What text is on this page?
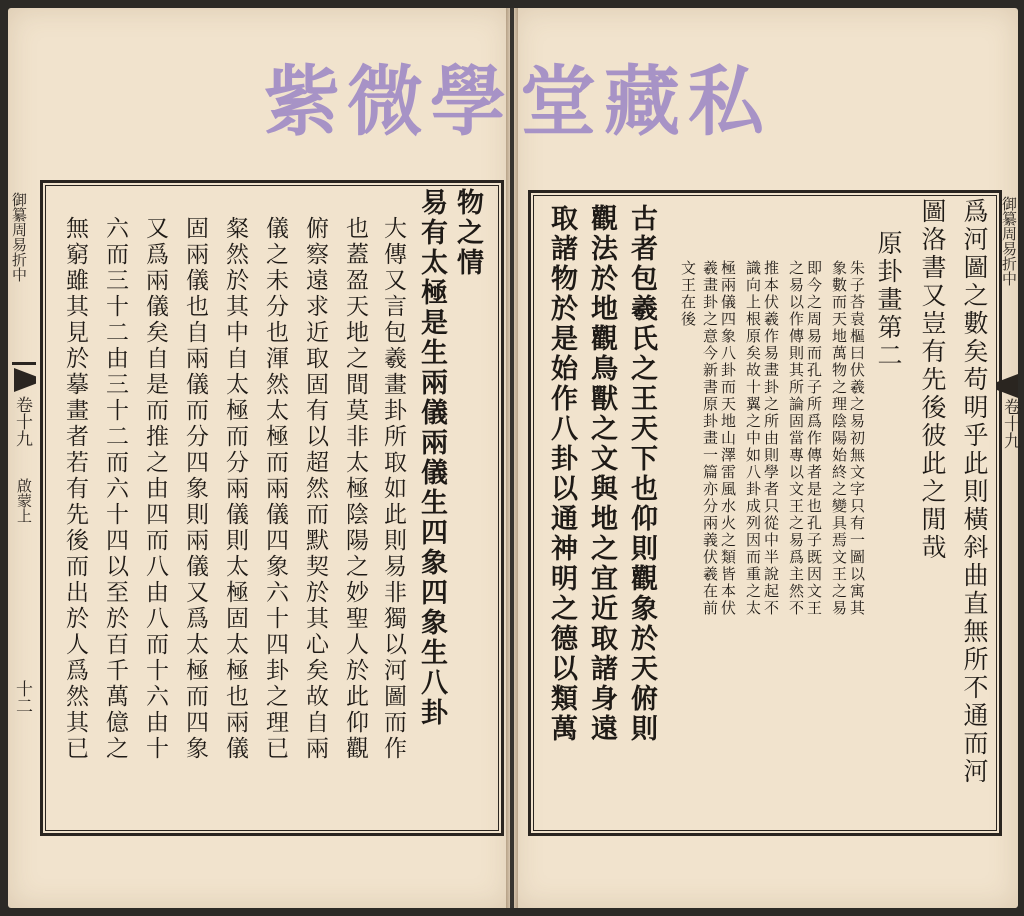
紫 微 學 堂 藏 私
御纂周易折中
卷十九
啟蒙上
十二
物之情
易有太極是生兩儀兩儀生四象四象生八卦
大傳又言包羲畫卦所取如此則易非獨以河圖而作
也蓋盈天地之間莫非太極陰陽之妙聖人於此仰觀
俯察遠求近取固有以超然而默契於其心矣故自兩
儀之未分也渾然太極而兩儀四象六十四卦之理已
粲然於其中自太極而分兩儀則太極固太極也兩儀
固兩儀也自兩儀而分四象則兩儀又爲太極而四象
又爲兩儀矣自是而推之由四而八由八而十六由十
六而三十二由三十二而六十四以至於百千萬億之
無窮雖其見於摹畫者若有先後而出於人爲然其已	御纂周易折中
卷十九
爲河圖之數矣苟明乎此則橫斜曲直無所不通而河
圖洛書又豈有先後彼此之閒哉
原卦畫第二
朱子荅袁樞曰伏羲之易初無文字只有一圖以寓其
象數而天地萬物之理陰陽始終之變具焉文王之易
即今之周易而孔子所爲作傳者是也孔子既因文王
之易以作傳則其所論固當專以文王之易爲主然不
推本伏羲作易畫卦之所由則學者只從中半說起不
識向上根原矣故十翼之中如八卦成列因而重之太
極兩儀四象八卦而天地山澤雷風水火之類皆本伏
羲畫卦之意今新書原卦畫一篇亦分兩義伏羲在前
文王在後
古者包羲氏之王天下也仰則觀象於天俯則
觀法於地觀鳥獸之文與地之宜近取諸身遠
取諸物於是始作八卦以通神明之德以類萬
